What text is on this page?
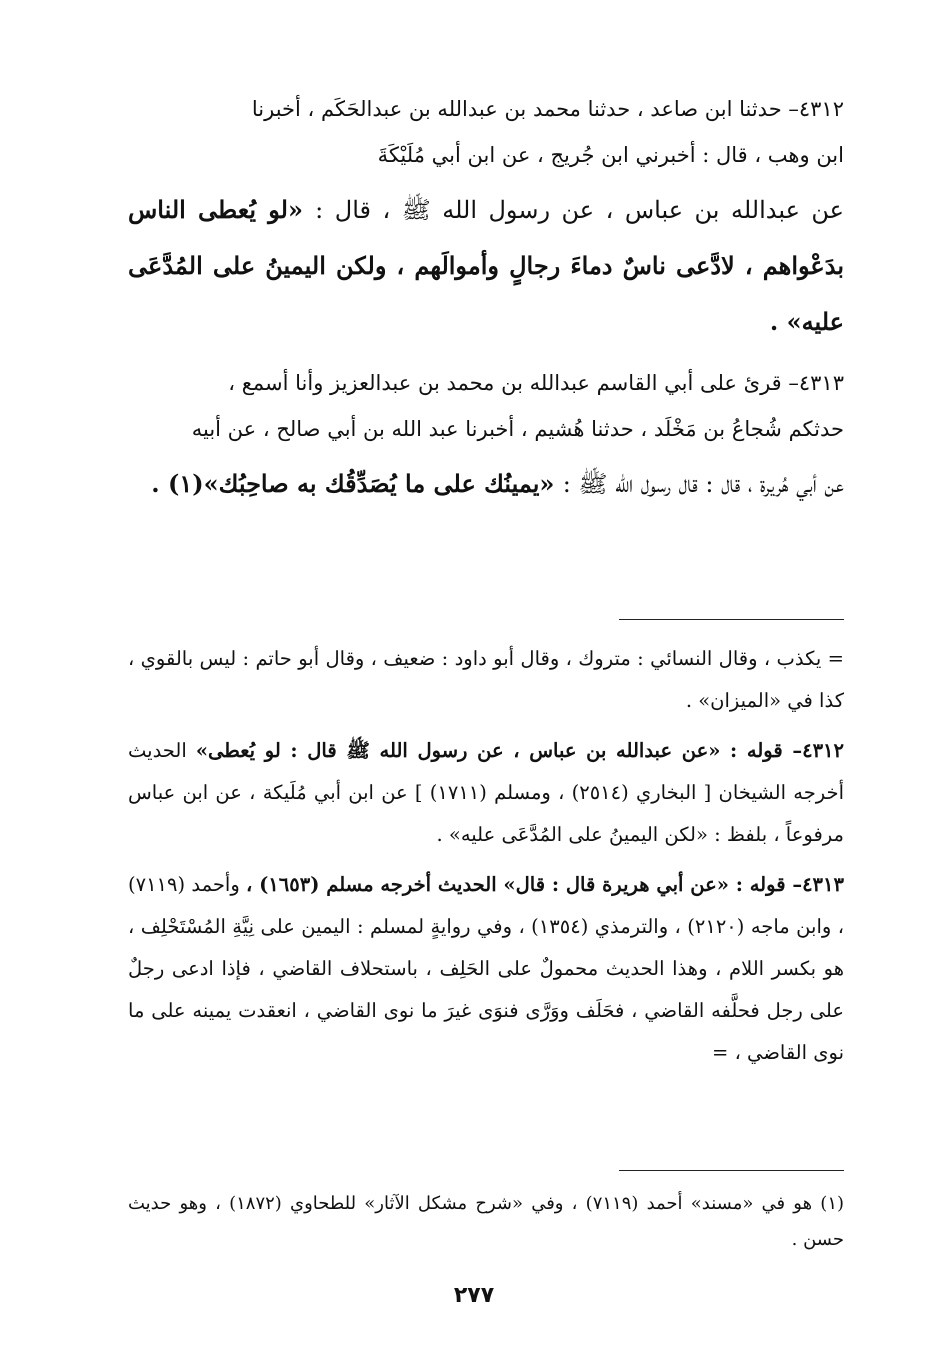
٤٣١٢– حدثنا ابن صاعد ، حدثنا محمد بن عبدالله بن عبدالحَكَم ، أخبرنا
ابن وهب ، قال : أخبرني ابن جُريج ، عن ابن أبي مُلَيْكَةَ
عن عبدالله بن عباس ، عن رسول الله ﷺ ، قال : «لو يُعطى الناس بدَعْواهم ، لادَّعى ناسٌ دماءَ رجالٍ وأموالَهم ، ولكن اليمينُ على المُدَّعَى عليه» .
٤٣١٣– قرئ على أبي القاسم عبدالله بن محمد بن عبدالعزيز وأنا أسمع ،
حدثكم شُجاعُ بن مَخْلَد ، حدثنا هُشيم ، أخبرنا عبد الله بن أبي صالح ، عن أبيه
عن أبي هُريرة ، قال : قال رسول الله ﷺ : «يمينُك على ما يُصَدِّقُك به صاحِبُك»(١) .
= يكذب ، وقال النسائي : متروك ، وقال أبو داود : ضعيف ، وقال أبو حاتم : ليس بالقوي ، كذا في «الميزان» .
٤٣١٢– قوله : «عن عبدالله بن عباس ، عن رسول الله ﷺ قال : لو يُعطى» الحديث أخرجه الشيخان [ البخاري (٢٥١٤) ، ومسلم (١٧١١) ] عن ابن أبي مُلَيكة ، عن ابن عباس مرفوعاً ، بلفظ : «لكن اليمينُ على المُدَّعَى عليه» .
٤٣١٣– قوله : «عن أبي هريرة قال : قال» الحديث أخرجه مسلم (١٦٥٣) ، وأحمد (٧١١٩) ، وابن ماجه (٢١٢٠) ، والترمذي (١٣٥٤) ، وفي روايةٍ لمسلم : اليمين على نِيَّةِ المُسْتَحْلِف ، هو بكسر اللام ، وهذا الحديث محمولٌ على الحَلِف ، باستحلاف القاضي ، فإذا ادعى رجلٌ على رجل فحلَّفه القاضي ، فحَلَف ووَرَّى فنوَى غيرَ ما نوى القاضي ، انعقدت يمينه على ما نوى القاضي ، =
(١) هو في «مسند» أحمد (٧١١٩) ، وفي «شرح مشكل الآثار» للطحاوي (١٨٧٢) ، وهو حديث حسن .
٢٧٧
